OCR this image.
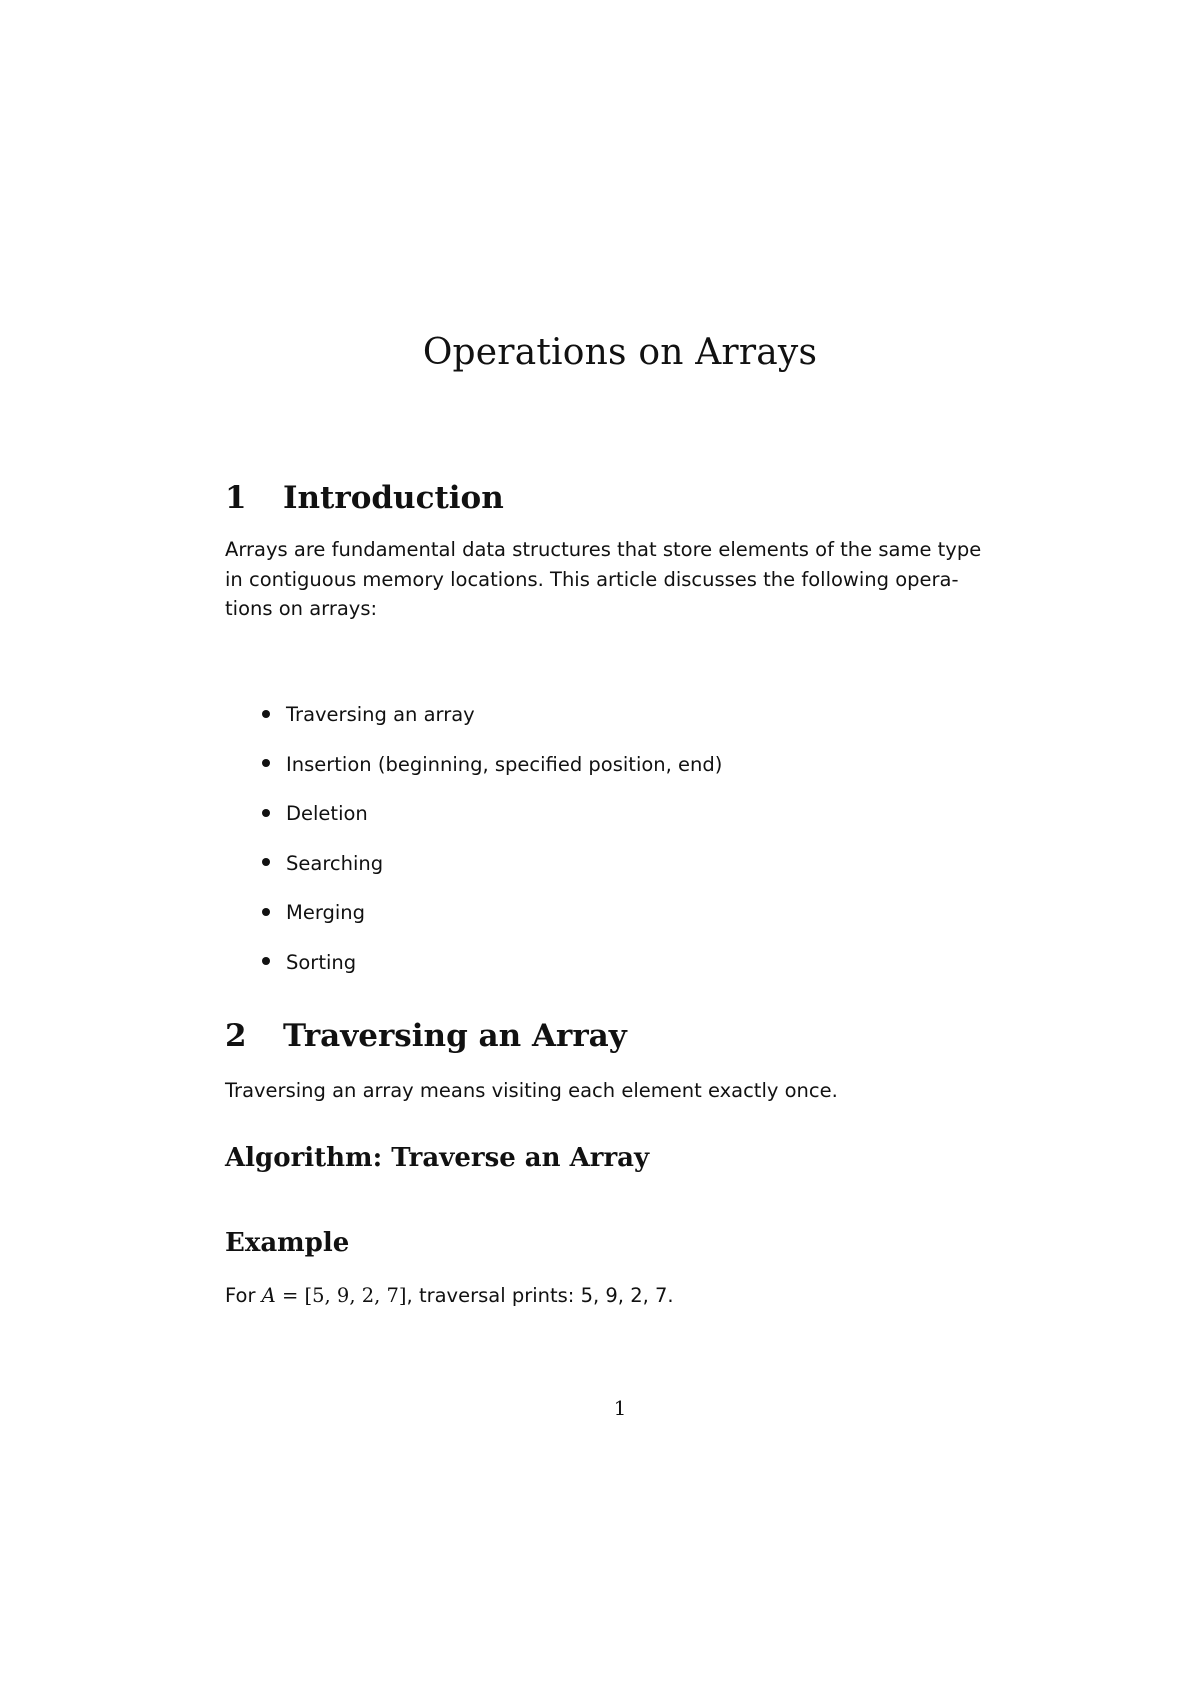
Operations on Arrays
1 Introduction

Arrays are fundamental data structures that store elements of the same type
in contiguous memory locations. This article discusses the following opera-
tions on arrays:

Traversing an array
Insertion (beginning, specified position, end)
Deletion
Searching
Merging
Sorting
2 Traversing an Array

Traversing an array means visiting each element exactly once.

Algorithm: Traverse an Array
Example

For A = [5, 9, 2, 7], traversal prints: 5, 9, 2, 7.

1
